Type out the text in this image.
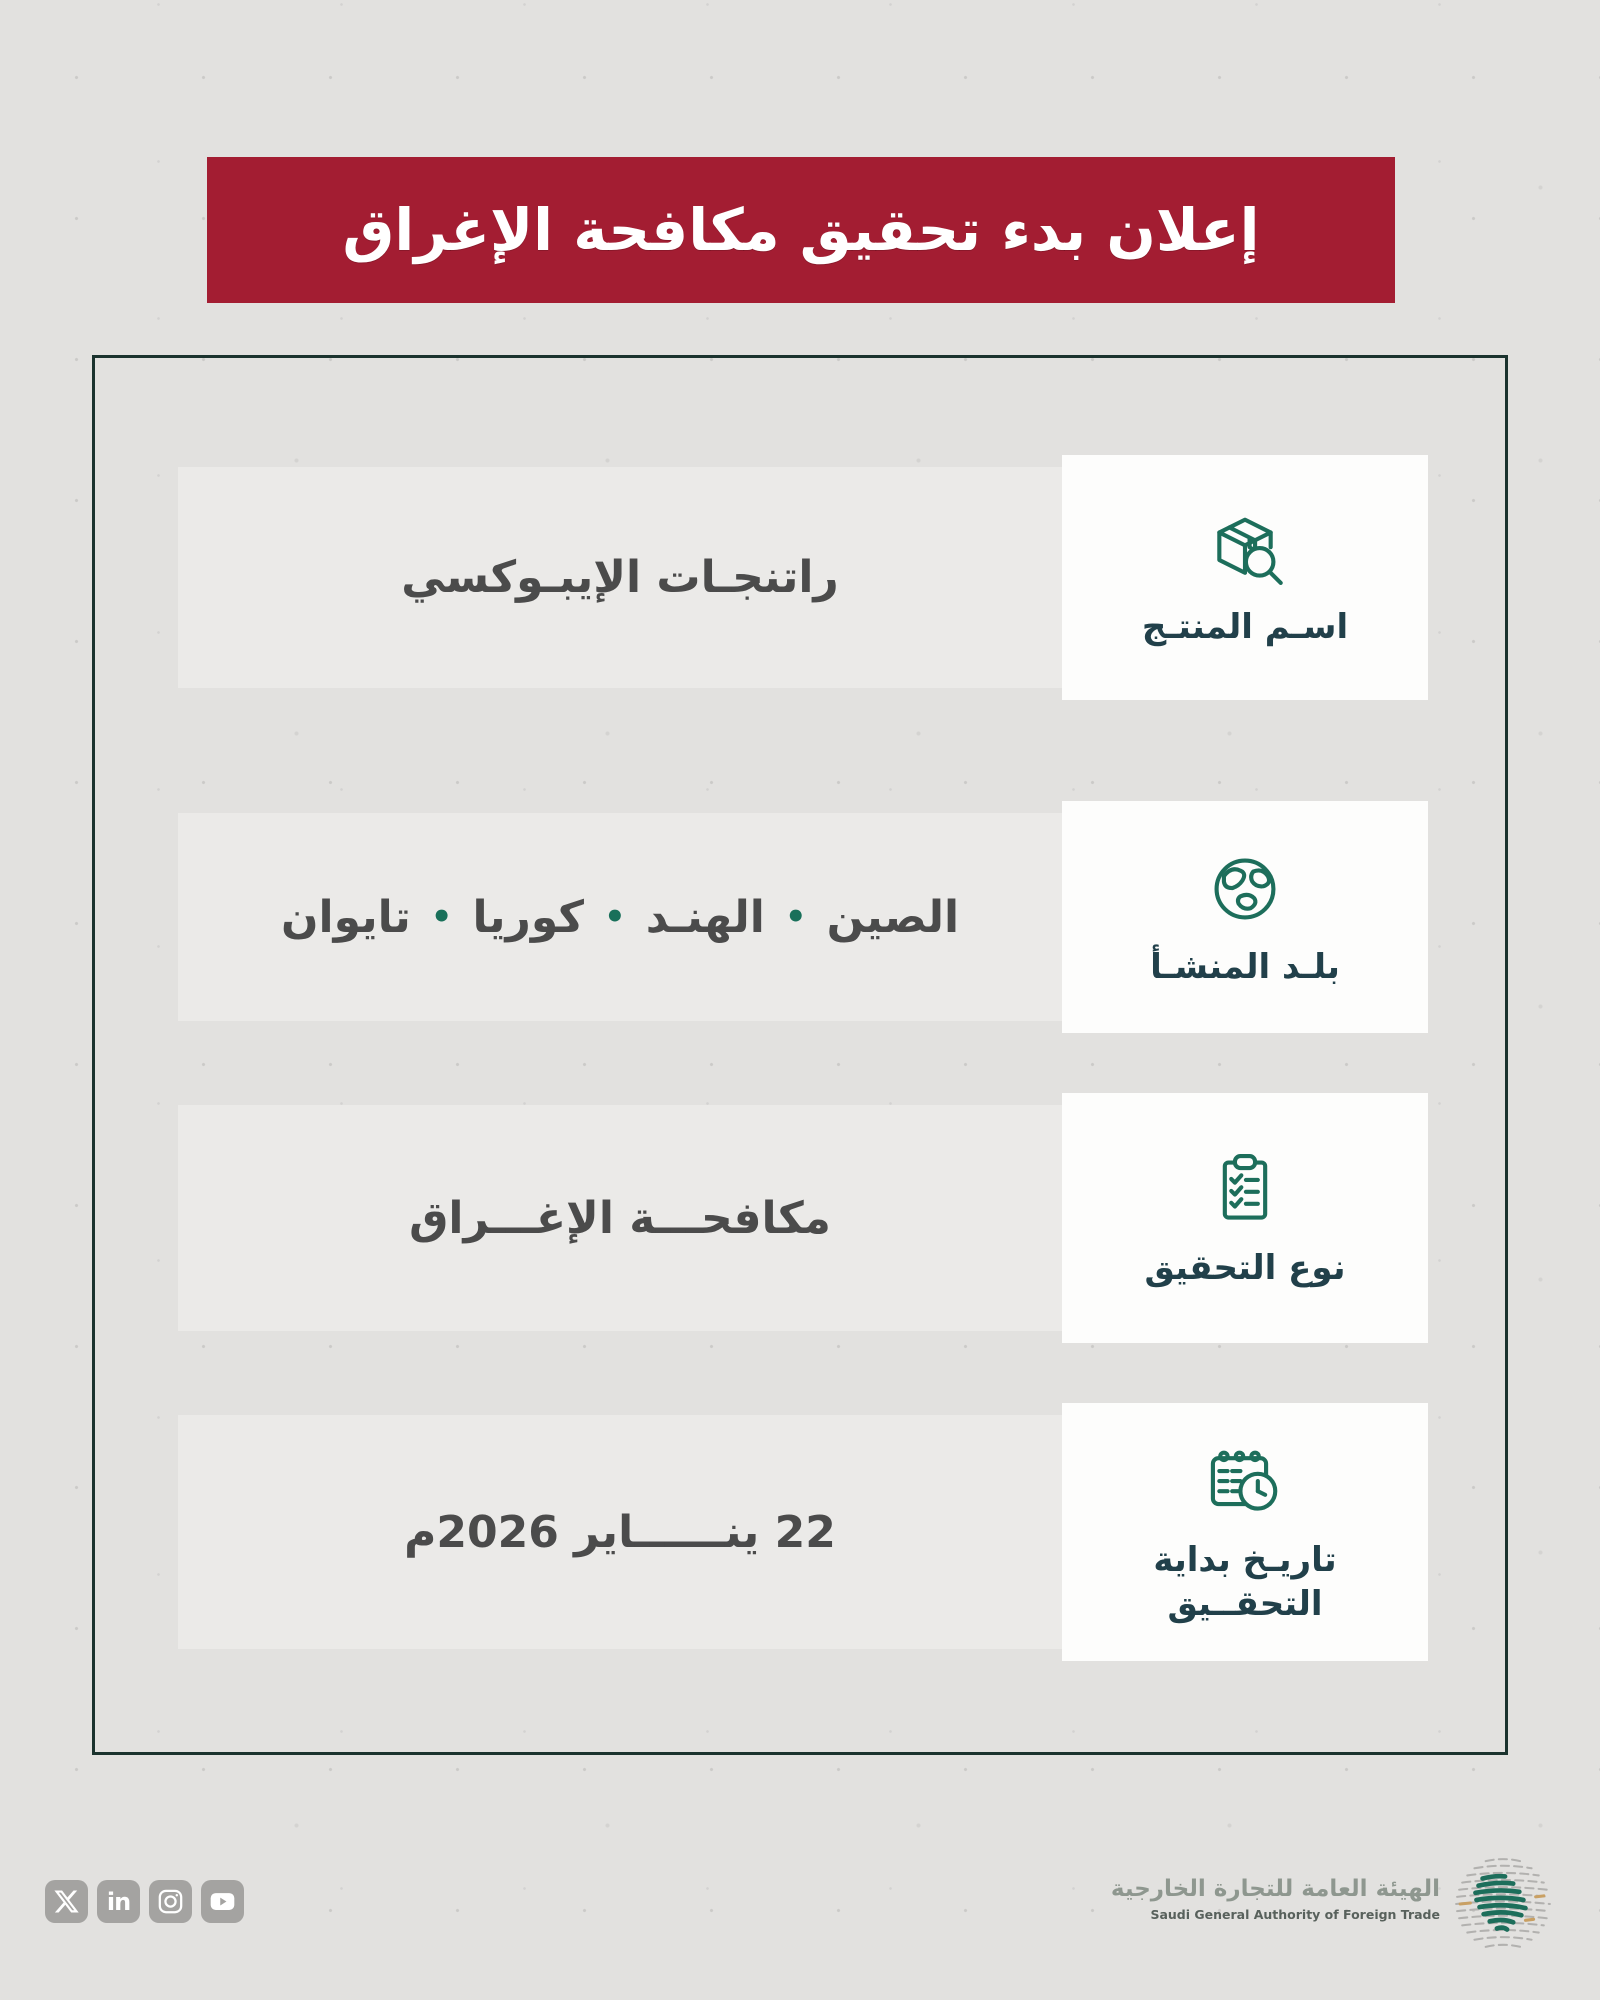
إعلان بدء تحقيق مكافحة الإغراق
اسـم المنتـج
راتنجـات الإيبـوكسي
بلـد المنشـأ
الصين
•
الهنـد
•
كوريا
•
تايوان
نوع التحقيق
مكافحـــة الإغـــراق
تاريـخ بداية التحقــيق
22 ينــــــاير 2026م
in	الهيئة العامة للتجارة الخارجية
Saudi General Authority of Foreign Trade
